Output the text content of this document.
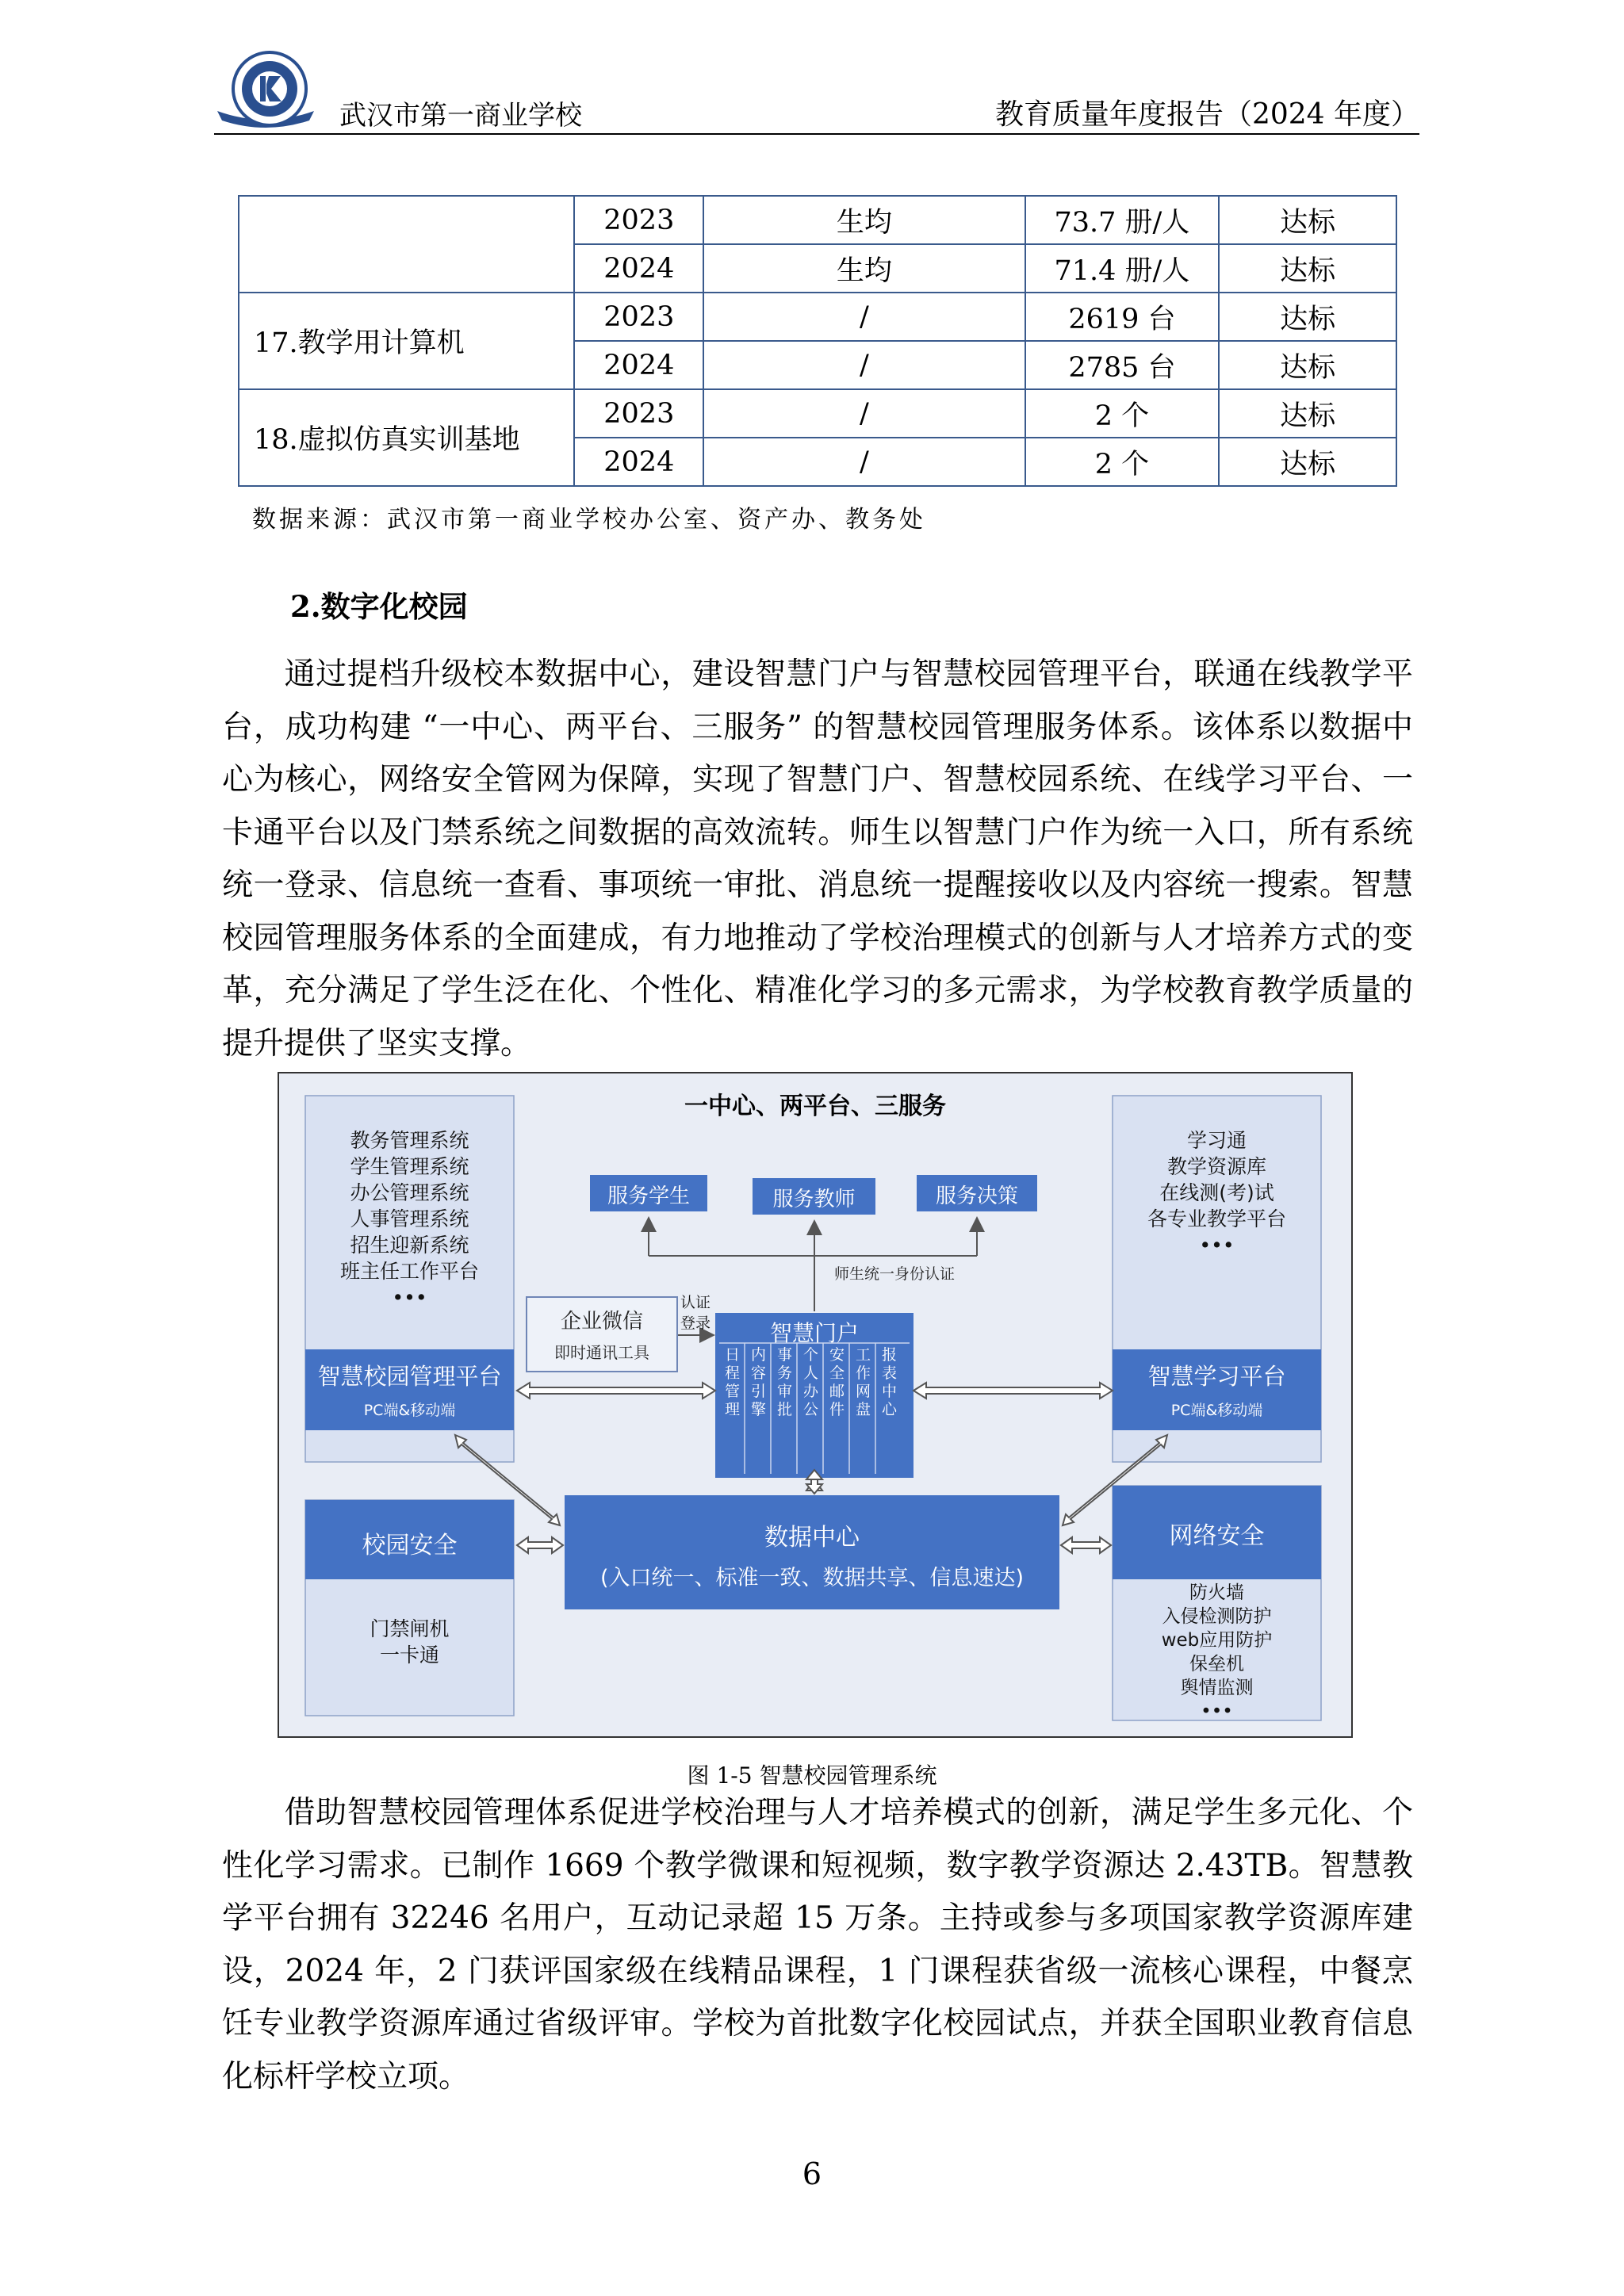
武汉市第一商业学校	教育质量年度报告（2024 年度）
	2023	生均	73.7 册/人	达标
	2024	生均	71.4 册/人	达标
17.教学用计算机	2023	/	2619 台	达标
	2024	/	2785 台	达标
18.虚拟仿真实训基地	2023	/	2 个	达标
	2024	/	2 个	达标
数据来源：武汉市第一商业学校办公室、资产办、教务处
2.数字化校园

通过提档升级校本数据中心，建设智慧门户与智慧校园管理平台，联通在线教学平台，成功构建 “一中心、两平台、三服务” 的智慧校园管理服务体系。该体系以数据中心为核心，网络安全管网为保障，实现了智慧门户、智慧校园系统、在线学习平台、一卡通平台以及门禁系统之间数据的高效流转。师生以智慧门户作为统一入口，所有系统统一登录、信息统一查看、事项统一审批、消息统一提醒接收以及内容统一搜索。智慧校园管理服务体系的全面建成，有力地推动了学校治理模式的创新与人才培养方式的变革，充分满足了学生泛在化、个性化、精准化学习的多元需求，为学校教育教学质量的提升提供了坚实支撑。

一中心、两平台、三服务
教务管理系统
学生管理系统
办公管理系统
人事管理系统
招生迎新系统
班主任工作平台
•••
智慧校园管理平台
PC端&移动端
学习通
教学资源库
在线测(考)试
各专业教学平台
•••
智慧学习平台
PC端&移动端
服务学生	服务教师	服务决策
师生统一身份认证
企业微信
即时通讯工具
认证
登录	智慧门户
日程管理
内容引擎
事务审批
个人办公
安全邮件
工作网盘
报表中心
校园安全
门禁闸机
一卡通
数据中心
(入口统一、标准一致、数据共享、信息速达)
网络安全
防火墙
入侵检测防护
web应用防护
保垒机
舆情监测
•••
图 1-5 智慧校园管理系统

借助智慧校园管理体系促进学校治理与人才培养模式的创新，满足学生多元化、个性化学习需求。已制作 1669 个教学微课和短视频，数字教学资源达 2.43TB。智慧教学平台拥有 32246 名用户，互动记录超 15 万条。主持或参与多项国家教学资源库建设，2024 年，2 门获评国家级在线精品课程，1 门课程获省级一流核心课程，中餐烹饪专业教学资源库通过省级评审。学校为首批数字化校园试点，并获全国职业教育信息化标杆学校立项。

6
